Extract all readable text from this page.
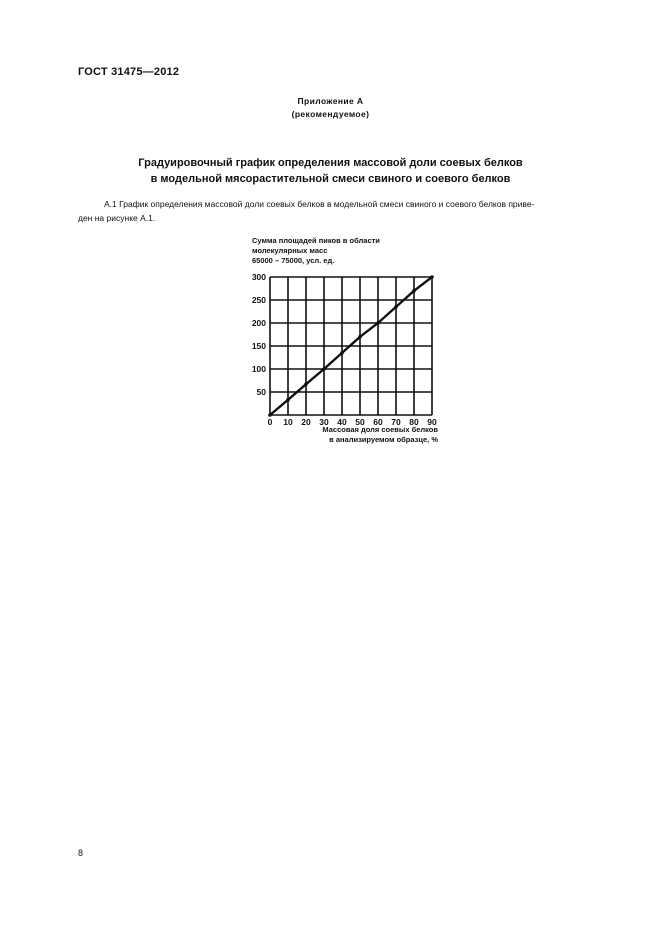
ГОСТ 31475—2012
Приложение А
(рекомендуемое)
Градуировочный график определения массовой доли соевых белков
в модельной мясорастительной смеси свиного и соевого белков
А.1 График определения массовой доли соевых белков в модельной смеси свиного и соевого белков приве-
ден на рисунке А.1.
Сумма площадей пиков в области
молекулярных масс
65000 – 75000, усл. ед.
0 10 20 30 40 50 60 70 80 90
50
100
150
200
250
300
Массовая доля соевых белков
в анализируемом образце, %
8
